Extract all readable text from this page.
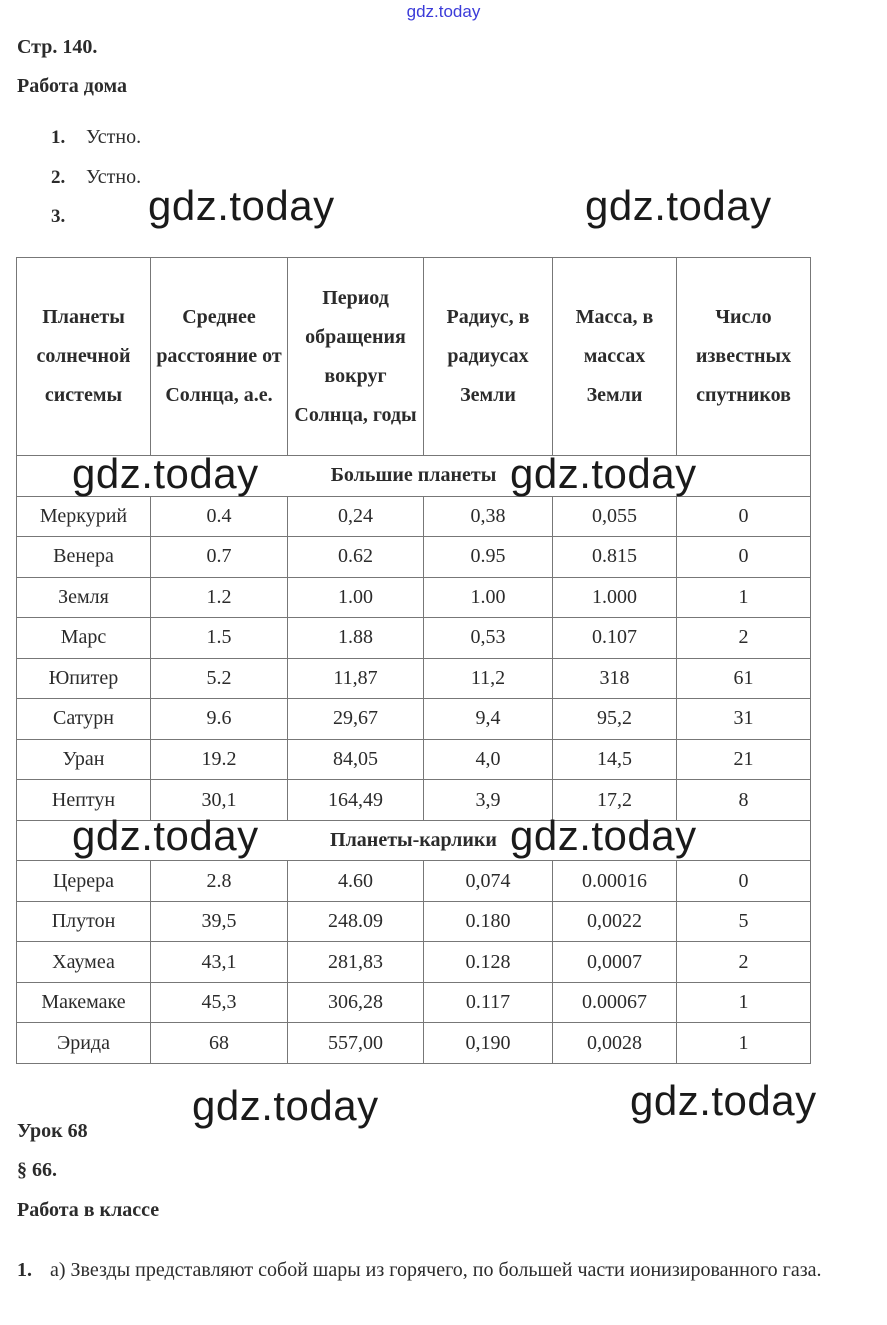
gdz.today
Стр. 140.
Работа дома
1. Устно.
2. Устно.
3.
Планеты солнечной системы	Среднее расстояние от Солнца, а.е.	Период обращения вокруг Солнца, годы	Радиус, в радиусах Земли	Масса, в массах Земли	Число известных спутников
Большие планеты					
Меркурий	0.4	0,24	0,38	0,055	0
Венера	0.7	0.62	0.95	0.815	0
Земля	1.2	1.00	1.00	1.000	1
Марс	1.5	1.88	0,53	0.107	2
Юпитер	5.2	11,87	11,2	318	61
Сатурн	9.6	29,67	9,4	95,2	31
Уран	19.2	84,05	4,0	14,5	21
Нептун	30,1	164,49	3,9	17,2	8
Планеты-карлики					
Церера	2.8	4.60	0,074	0.00016	0
Плутон	39,5	248.09	0.180	0,0022	5
Хаумеа	43,1	281,83	0.128	0,0007	2
Макемаке	45,3	306,28	0.117	0.00067	1
Эрида	68	557,00	0,190	0,0028	1
Урок 68
§ 66.
Работа в классе
1. а) Звезды представляют собой шары из горячего, по большей части ионизированного газа.
gdz.today	gdz.today
gdz.today	gdz.today
gdz.today	gdz.today
gdz.today	gdz.today
